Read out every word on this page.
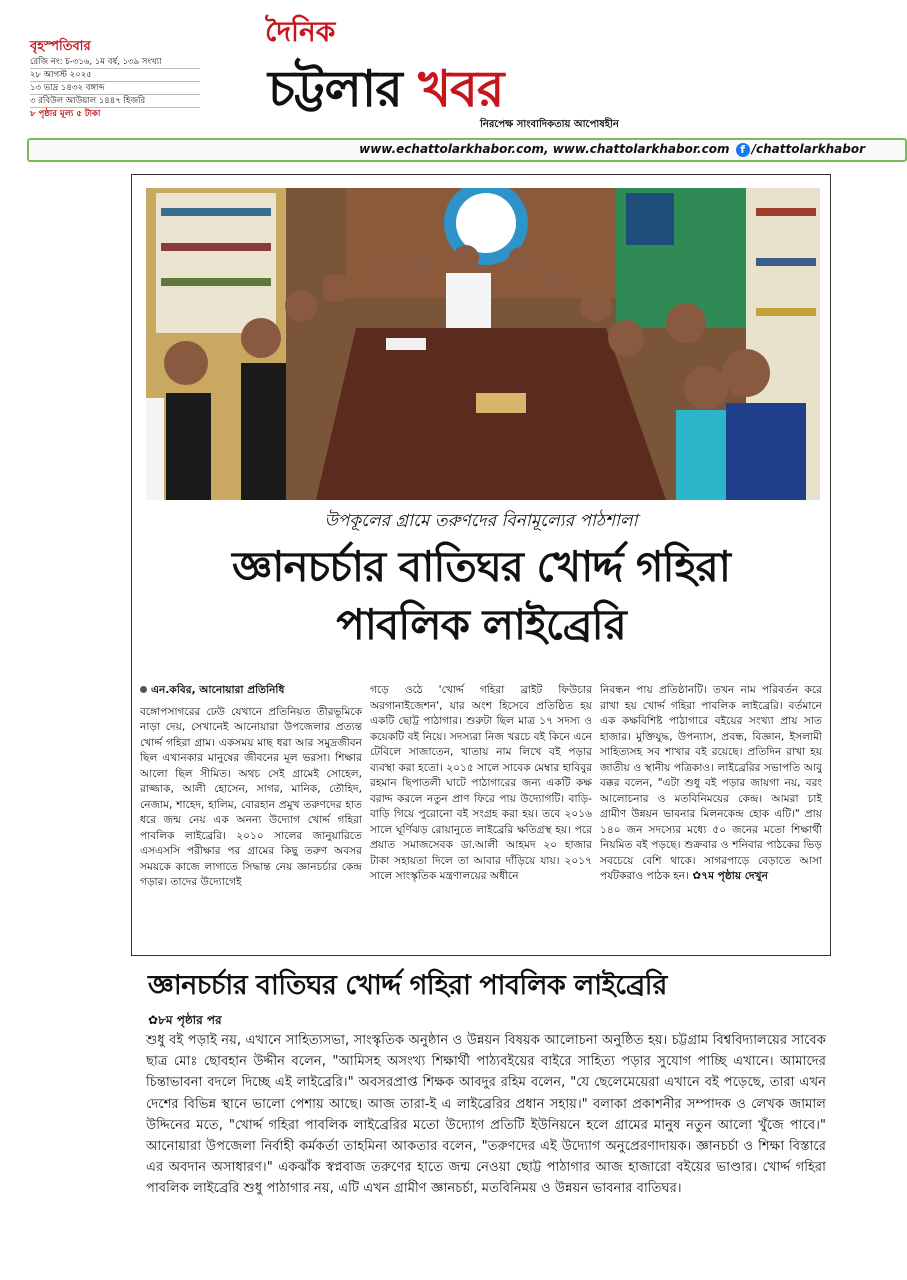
বৃহস্পতিবার
রেজি নং: চ-৩১৬, ১ম বর্ষ, ১৩৯ সংখ্যা
২৮ আগস্ট ২০২৫
১৩ ভাদ্র ১৪৩২ বঙ্গাব্দ
৩ রবিউল আউয়াল ১৪৪৭ হিজরি
৮ পৃষ্ঠার মূল্য ৫ টাকা
দৈনিক
চট্টলার খবর
নিরপেক্ষ সাংবাদিকতায় আপোষহীন
www.echattolarkhabor.com, www.chattolarkhabor.com f /chattolarkhabor
উপকূলের গ্রামে তরুণদের বিনামূল্যের পাঠশালা
জ্ঞানচর্চার বাতিঘর খোর্দ্দ গহিরা
পাবলিক লাইব্রেরি

এন.কবির, আনোয়ারা প্রতিনিধি

বঙ্গোপসাগরের ঢেউ যেখানে প্রতিনিয়ত তীরভূমিকে নাড়া দেয়, সেখানেই আনোয়ারা উপজেলার প্রত্যন্ত খোর্দ্দ গহিরা গ্রাম। একসময় মাছ ধরা আর সমুদ্রজীবন ছিল এখানকার মানুষের জীবনের মূল ভরসা। শিক্ষার আলো ছিল সীমিত। অথচ সেই গ্রামেই সোহেল, রাজ্জাক, আলী হোসেন, সাগর, মানিক, তৌহিদ, নেজাম, শাহেদ, হালিম, বোরহান প্রমুখ তরুণদের হাত ধরে জন্ম নেয় এক অনন্য উদ্যোগ খোর্দ্দ গহিরা পাবলিক লাইব্রেরি। ২০১০ সালের জানুয়ারিতে এসএসসি পরীক্ষার পর গ্রামের কিছু তরুণ অবসর সময়কে কাজে লাগাতে সিদ্ধান্ত নেয় জ্ঞানচর্চার কেন্দ্র গড়ার। তাদের উদ্যোগেই

গড়ে ওঠে 'খোর্দ্দ গহিরা ব্রাইট ফিউচার অরগানাইজেশন', যার অংশ হিসেবে প্রতিষ্ঠিত হয় একটি ছোট্ট পাঠাগার। শুরুটা ছিল মাত্র ১৭ সদস্য ও কয়েকটি বই নিয়ে। সদস্যরা নিজ খরচে বই কিনে এনে টেবিলে সাজাতেন, খাতায় নাম লিখে বই পড়ার ব্যবস্থা করা হতো। ২০১৫ সালে সাবেক মেম্বার হাবিবুর রহমান ছিপাতলী ঘাটে পাঠাগারের জন্য একটি কক্ষ বরাদ্দ করলে নতুন প্রাণ ফিরে পায় উদ্যোগটি। বাড়ি-বাড়ি গিয়ে পুরোনো বই সংগ্রহ করা হয়। তবে ২০১৬ সালে ঘূর্ণিঝড় রোয়ানুতে লাইব্রেরি ক্ষতিগ্রস্থ হয়। পরে প্রয়াত সমাজসেবক ডা.আলী আহমদ ২০ হাজার টাকা সহায়তা দিলে তা আবার দাঁড়িয়ে যায়। ২০১৭ সালে সাংস্কৃতিক মন্ত্রণালয়ের অধীনে

নিবন্ধন পায় প্রতিষ্ঠানটি। তখন নাম পরিবর্তন করে রাখা হয় খোর্দ্দ গহিরা পাবলিক লাইব্রেরি। বর্তমানে এক কক্ষবিশিষ্ট পাঠাগারে বইয়ের সংখ্যা প্রায় সাত হাজার। মুক্তিযুদ্ধ, উপন্যাস, প্রবন্ধ, বিজ্ঞান, ইসলামী সাহিত্যসহ সব শাখার বই রয়েছে। প্রতিদিন রাখা হয় জাতীয় ও স্থানীয় পত্রিকাও। লাইব্রেরির সভাপতি আবু বক্কর বলেন, "এটা শুধু বই পড়ার জায়গা নয়, বরং আলোচনার ও মতবিনিময়ের কেন্দ্র। আমরা চাই গ্রামীণ উন্নয়ন ভাবনার মিলনকেন্দ্র হোক এটি।" প্রায় ১৪০ জন সদস্যের মধ্যে ৫০ জনের মতো শিক্ষার্থী নিয়মিত বই পড়ছে। শুক্রবার ও শনিবার পাঠকের ভিড় সবচেয়ে বেশি থাকে। সাগরপাড়ে বেড়াতে আসা পর্যটকরাও পাঠক হন। ✿৭ম পৃষ্ঠায় দেখুন

জ্ঞানচর্চার বাতিঘর খোর্দ্দ গহিরা পাবলিক লাইব্রেরি
✿৮ম পৃষ্ঠার পর

শুধু বই পড়াই নয়, এখানে সাহিত্যসভা, সাংস্কৃতিক অনুষ্ঠান ও উন্নয়ন বিষয়ক আলোচনা অনুষ্ঠিত হয়। চট্টগ্রাম বিশ্ববিদ্যালয়ের সাবেক ছাত্র মোঃ ছোবহান উদ্দীন বলেন, "আমিসহ অসংখ্য শিক্ষার্থী পাঠ্যবইয়ের বাইরে সাহিত্য পড়ার সুযোগ পাচ্ছি এখানে। আমাদের চিন্তাভাবনা বদলে দিচ্ছে এই লাইব্রেরি।" অবসরপ্রাপ্ত শিক্ষক আবদুর রহিম বলেন, "যে ছেলেমেয়েরা এখানে বই পড়েছে, তারা এখন দেশের বিভিন্ন স্থানে ভালো পেশায় আছে। আজ তারা-ই এ লাইব্রেরির প্রধান সহায়।" বলাকা প্রকাশনীর সম্পাদক ও লেখক জামাল উদ্দিনের মতে, "খোর্দ্দ গহিরা পাবলিক লাইব্রেরির মতো উদ্যোগ প্রতিটি ইউনিয়নে হলে গ্রামের মানুষ নতুন আলো খুঁজে পাবে।" আনোয়ারা উপজেলা নির্বাহী কর্মকর্তা তাহমিনা আকতার বলেন, "তরুণদের এই উদ্যোগ অনুপ্রেরণাদায়ক। জ্ঞানচর্চা ও শিক্ষা বিস্তারে এর অবদান অসাধারণ।" একঝাঁক স্বপ্নবাজ তরুণের হাতে জন্ম নেওয়া ছোট্ট পাঠাগার আজ হাজারো বইয়ের ভাণ্ডার। খোর্দ্দ গহিরা পাবলিক লাইব্রেরি শুধু পাঠাগার নয়, এটি এখন গ্রামীণ জ্ঞানচর্চা, মতবিনিময় ও উন্নয়ন ভাবনার বাতিঘর।
